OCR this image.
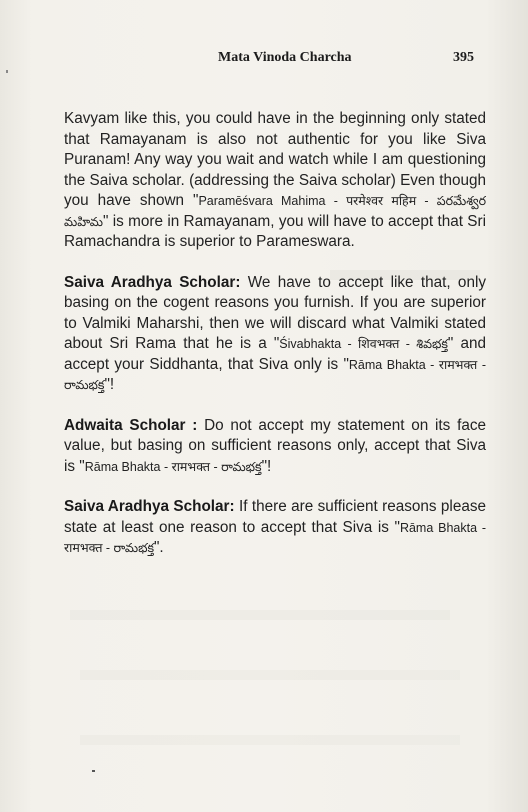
Mata Vinoda Charcha	395

Kavyam like this, you could have in the beginning only stated that Ramayanam is also not authentic for you like Siva Puranam! Any way you wait and watch while I am questioning the Saiva scholar. (addressing the Saiva scholar) Even though you have shown "Paramēśvara Mahima - परमेश्वर महिम - పరమేశ్వర మహిమ" is more in Ramayanam, you will have to accept that Sri Ramachandra is superior to Parameswara.

Saiva Aradhya Scholar: We have to accept like that, only basing on the cogent reasons you furnish. If you are superior to Valmiki Maharshi, then we will discard what Valmiki stated about Sri Rama that he is a "Śivabhakta - शिवभक्त - శివభక్త" and accept your Siddhanta, that Siva only is "Rāma Bhakta - रामभक्त - రామభక్త"!

Adwaita Scholar : Do not accept my statement on its face value, but basing on sufficient reasons only, accept that Siva is "Rāma Bhakta - रामभक्त - రామభక్త"!

Saiva Aradhya Scholar: If there are sufficient reasons please state at least one reason to accept that Siva is "Rāma Bhakta - रामभक्त - రామభక్త".
